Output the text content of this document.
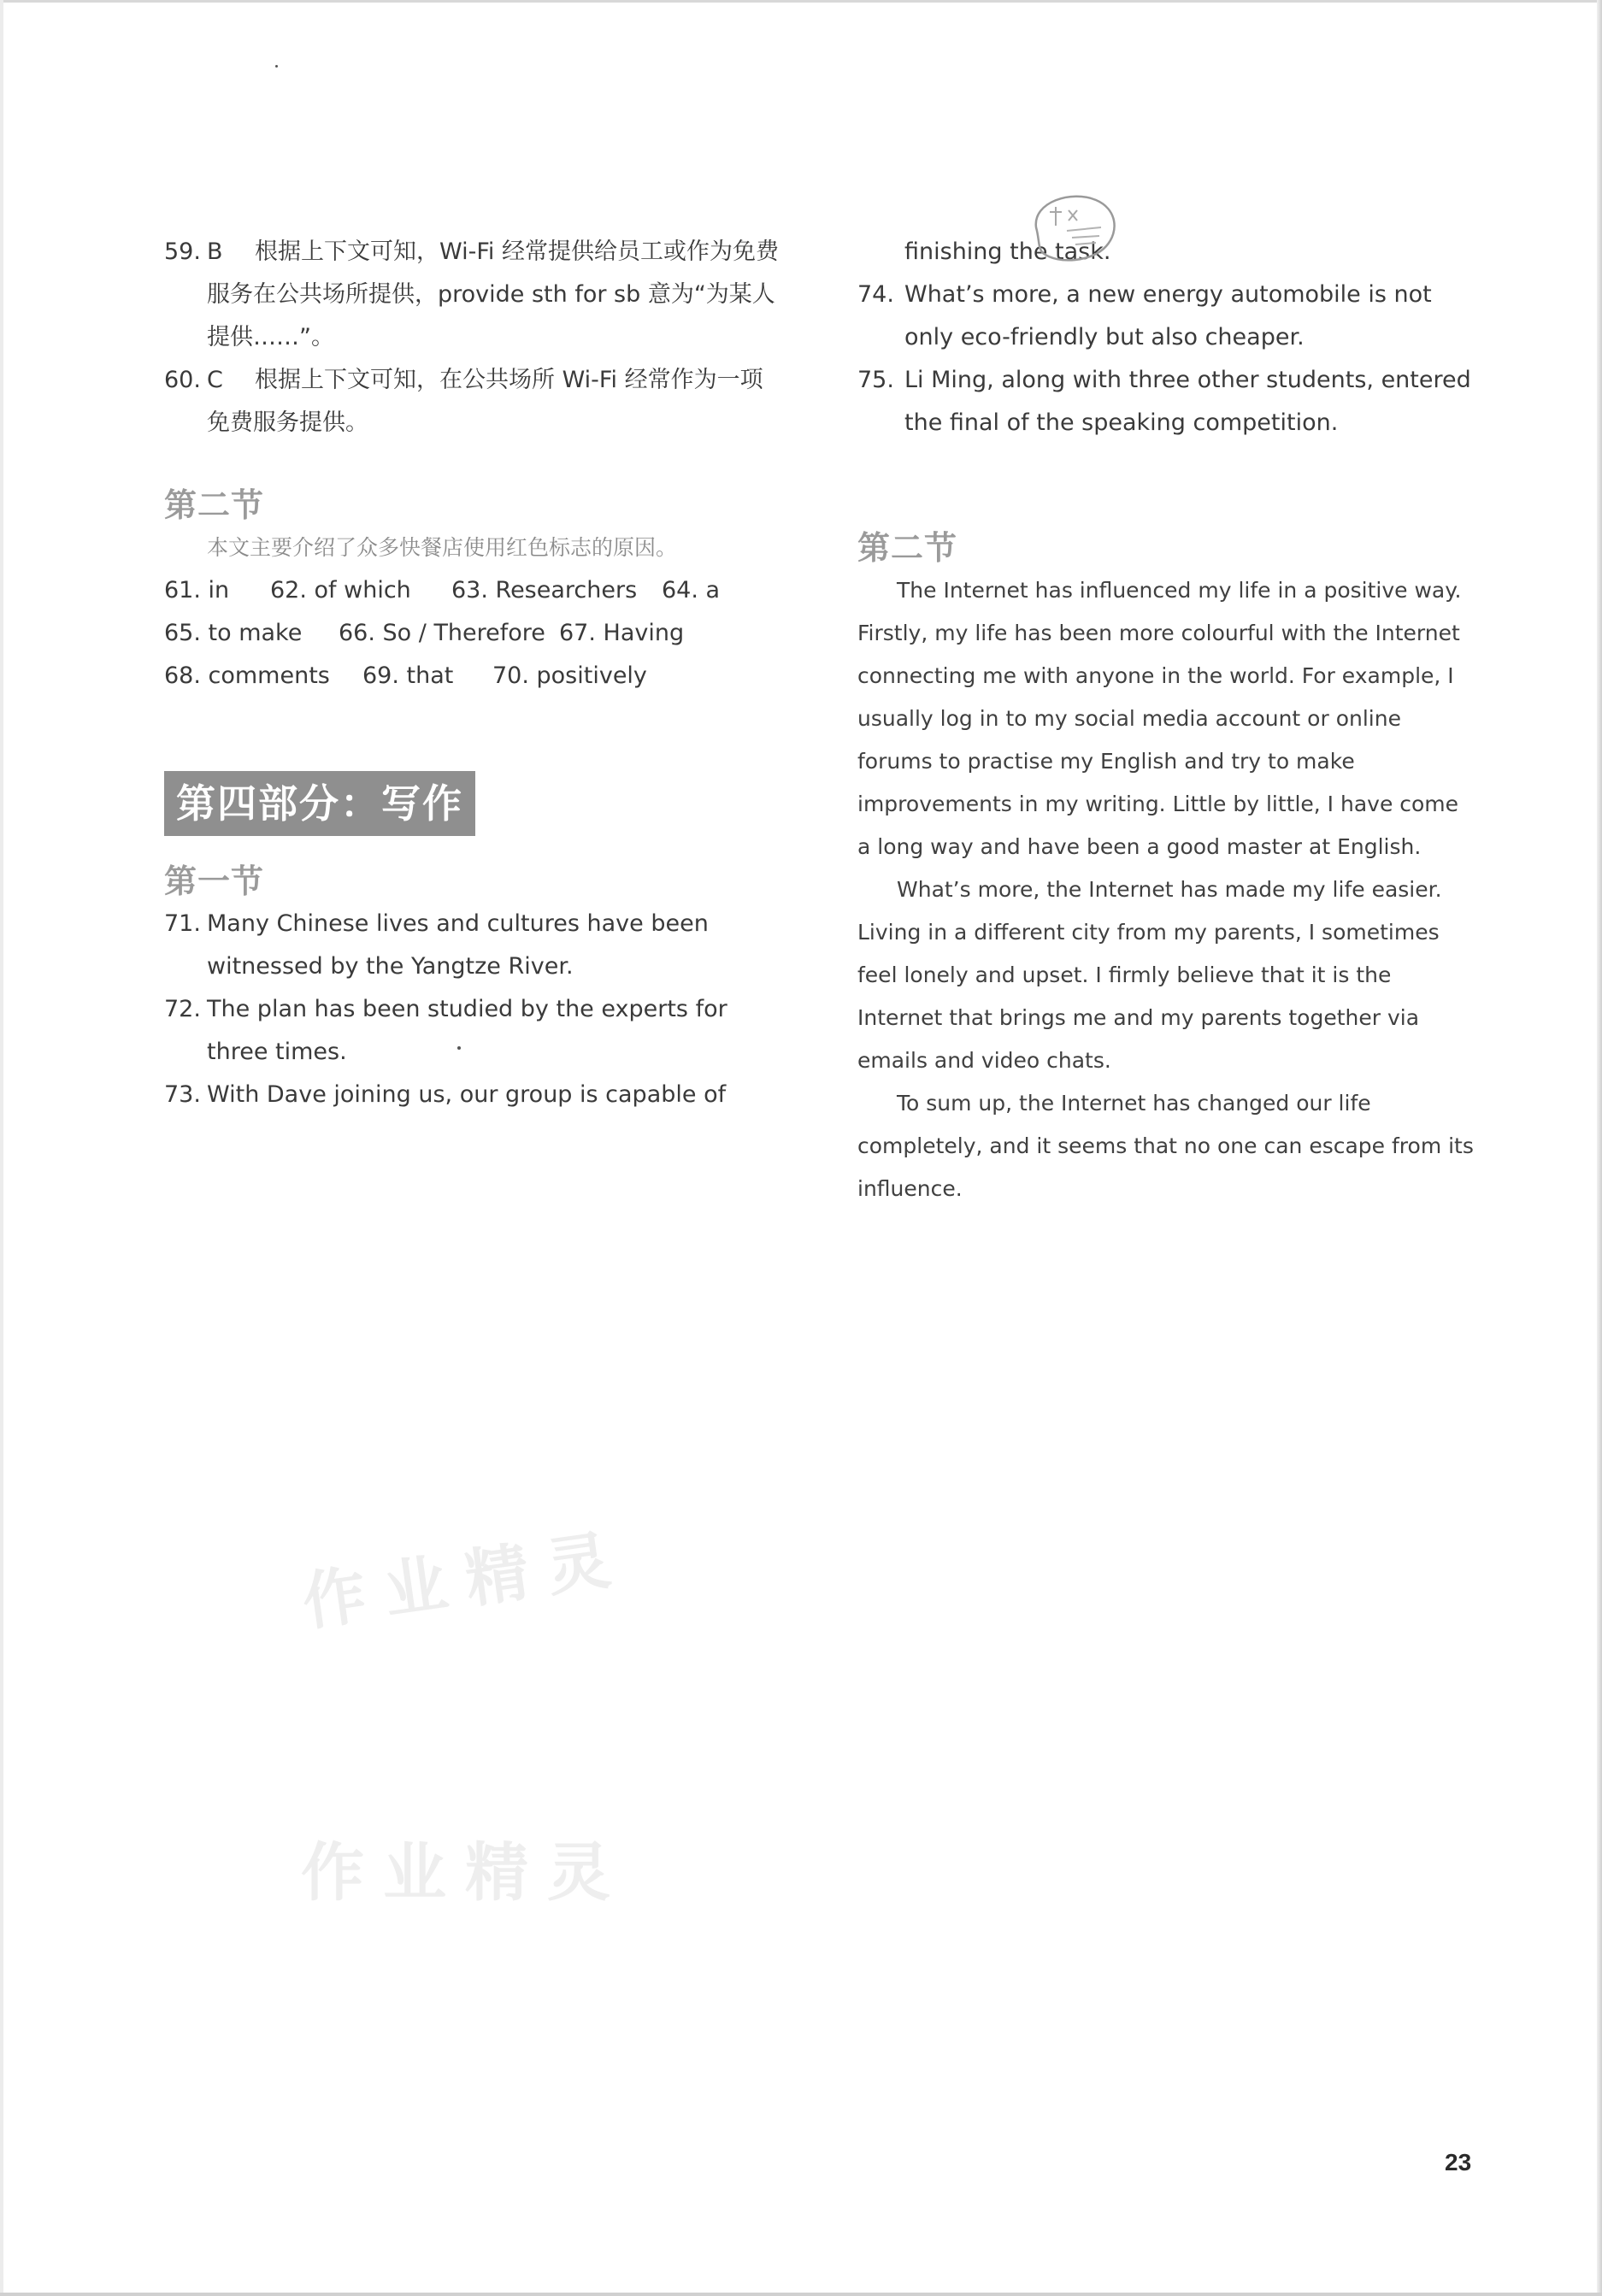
59. B 根据上下文可知，Wi-Fi 经常提供给员工或作为免费服务在公共场所提供，provide sth for sb 意为“为某人提供……”。
60. C 根据上下文可知，在公共场所 Wi-Fi 经常作为一项免费服务提供。

第二节

本文主要介绍了众多快餐店使用红色标志的原因。

61. in	62. of which	63. Researchers	64. a
65. to make	66. So / Therefore 67. Having
68. comments	69. that	70. positively
第四部分：写作

第一节

71. Many Chinese lives and cultures have been witnessed by the Yangtze River.
72. The plan has been studied by the experts for three times.
73. With Dave joining us, our group is capable of
finishing the task.
74. What’s more, a new energy automobile is not only eco-friendly but also cheaper.
75. Li Ming, along with three other students, entered the final of the speaking competition.

第二节

The Internet has influenced my life in a positive way. Firstly, my life has been more colourful with the Internet connecting me with anyone in the world. For example, I usually log in to my social media account or online forums to practise my English and try to make improvements in my writing. Little by little, I have come a long way and have been a good master at English.

What’s more, the Internet has made my life easier. Living in a different city from my parents, I sometimes feel lonely and upset. I firmly believe that it is the Internet that brings me and my parents together via emails and video chats.

To sum up, the Internet has changed our life completely, and it seems that no one can escape from its influence.

作业精灵
作业精灵
23
